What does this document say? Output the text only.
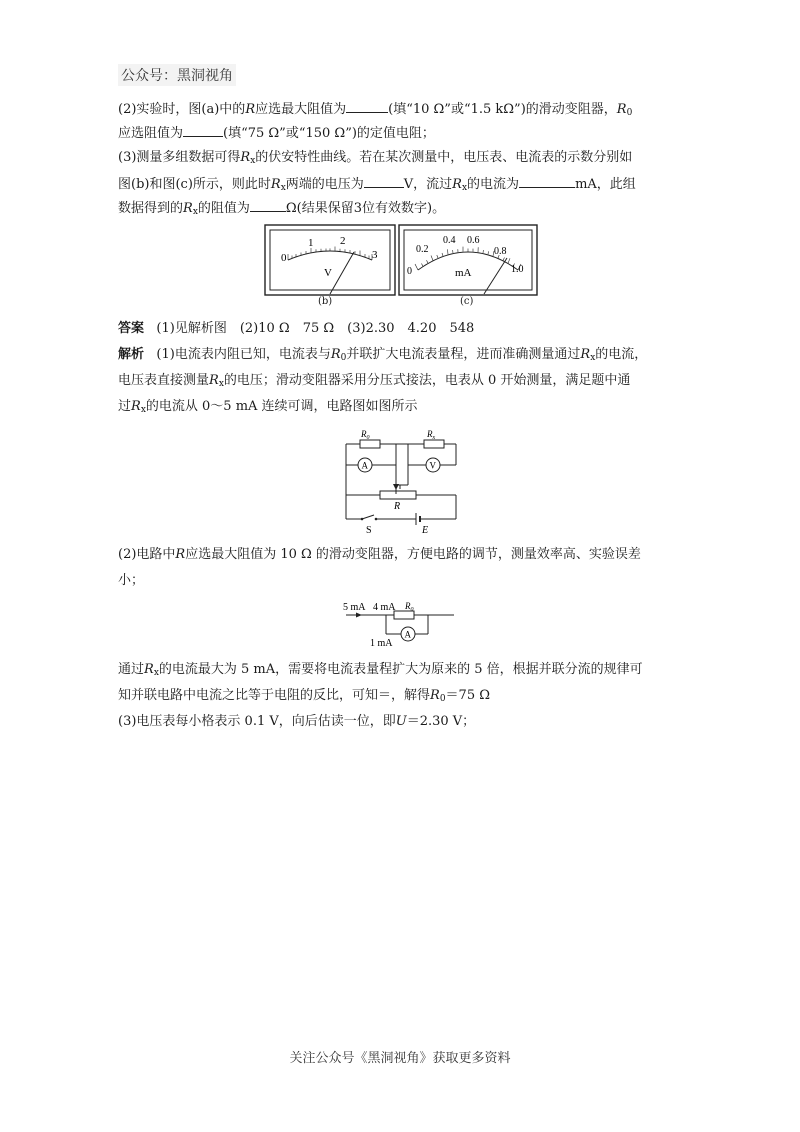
公众号：黑洞视角
(2)实验时，图(a)中的R应选最大阻值为	(填“10 Ω”或“1.5 kΩ”)的滑动变阻器，$R_0$
应选阻值为	(填“75 Ω”或“150 Ω”)的定值电阻；
(3)测量多组数据可得$R_x$的伏安特性曲线。若在某次测量中，电压表、电流表的示数分别如
图(b)和图(c)所示，则此时$R_x$两端的电压为	V，流过$R_x$的电流为	mA，此组
数据得到的$R_x$的阻值为	Ω(结果保留3位有效数字)。
0
1 2
3
V
(b)
0
0.2
0.4 0.6
0.8
1.0
mA
(c)
答案 (1)见解析图　(2)10 Ω　75 Ω　(3)2.30　4.20　548
解析 (1)电流表内阻已知，电流表与$R_0$并联扩大电流表量程，进而准确测量通过$R_x$的电流，
电压表直接测量$R_x$的电压；滑动变阻器采用分压式接法，电表从 0 开始测量，满足题中通
过$R_x$的电流从 0～5 mA 连续可调，电路图如图所示
$R_0$	$R_x$
A	V
R
S	E
(2)电路中R应选最大阻值为 10 Ω 的滑动变阻器，方便电路的调节，测量效率高、实验误差
小；
5 mA 4 mA $R_0$
1 mA
A
通过$R_x$的电流最大为 5 mA，需要将电流表量程扩大为原来的 5 倍，根据并联分流的规律可
知并联电路中电流之比等于电阻的反比，可知＝，解得$R_0=75$ Ω
(3)电压表每小格表示 0.1 V，向后估读一位，即U＝2.30 V；
关注公众号《黑洞视角》获取更多资料
